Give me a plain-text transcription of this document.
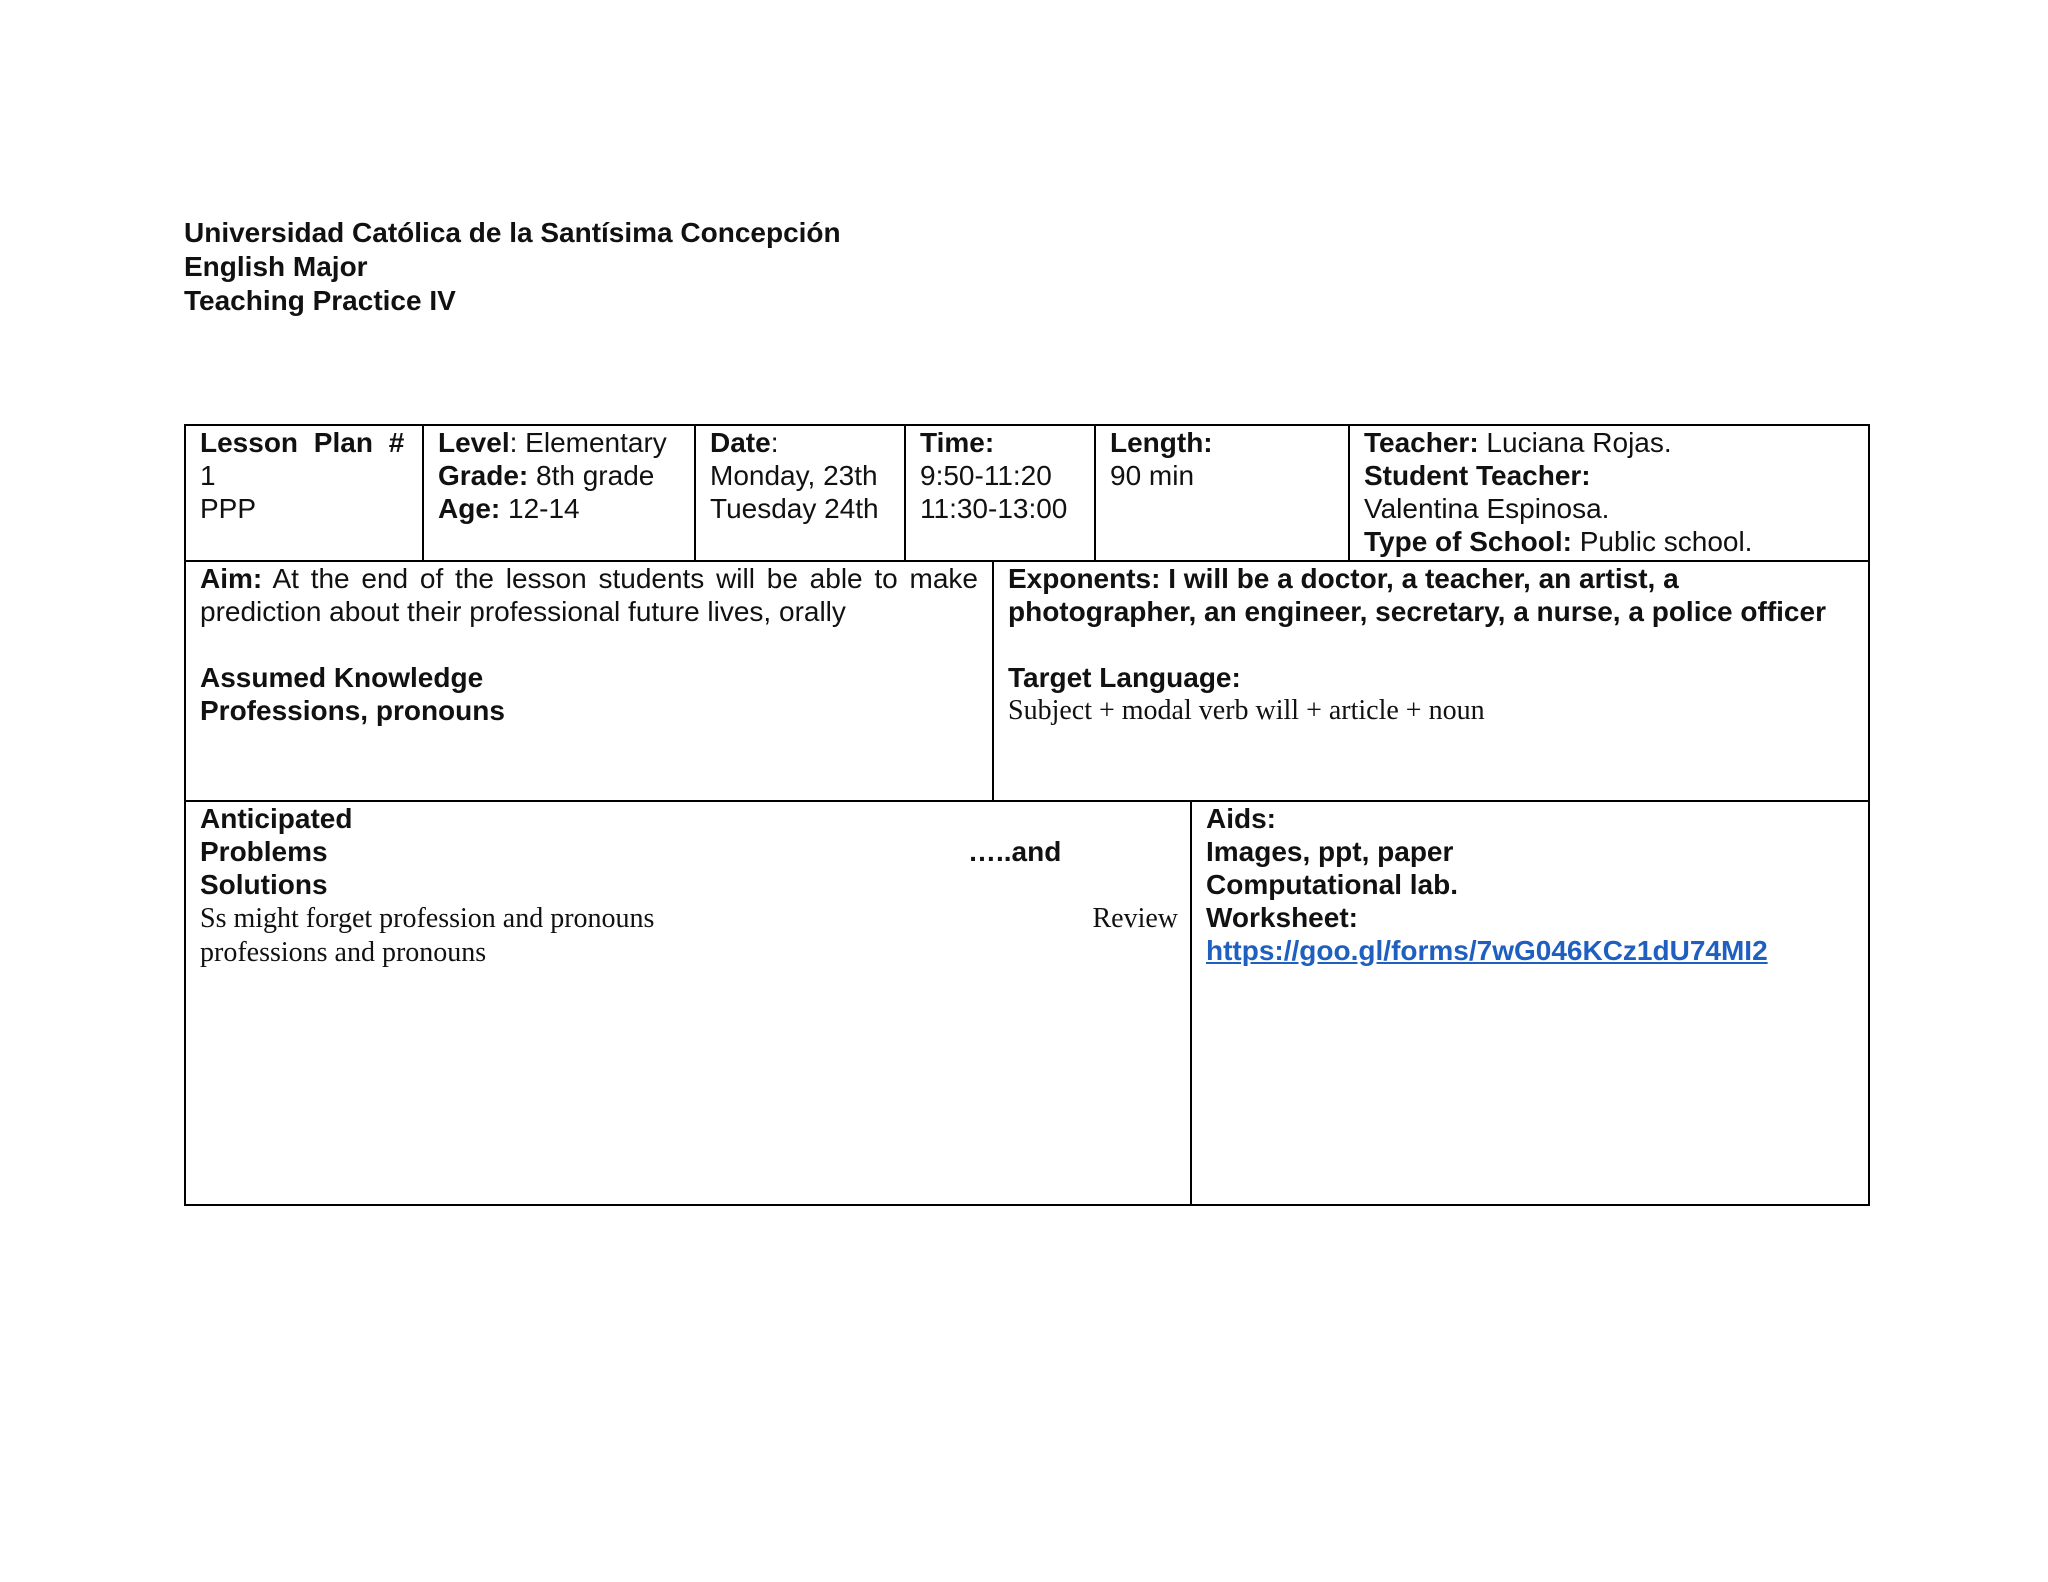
Universidad Católica de la Santísima Concepción
English Major
Teaching Practice IV
Lesson Plan #
1
PPP
Level: Elementary
Grade: 8th grade
Age: 12-14
Date:
Monday, 23th
Tuesday 24th
Time:
9:50-11:20
11:30-13:00
Length:
90 min
Teacher: Luciana Rojas.
Student Teacher:
Valentina Espinosa.
Type of School: Public school.
Aim: At the end of the lesson students will be able to make prediction about their professional future lives, orally
Assumed Knowledge
Professions, pronouns
Exponents: I will be a doctor, a teacher, an artist, a photographer, an engineer, secretary, a nurse, a police officer
Target Language:
Subject + modal verb will + article + noun
Anticipated
Problems
Solutions
…..and
Ss might forget profession and pronouns	Review
professions and pronouns
Aids:
Images, ppt, paper
Computational lab.
Worksheet:
https://goo.gl/forms/7wG046KCz1dU74MI2
